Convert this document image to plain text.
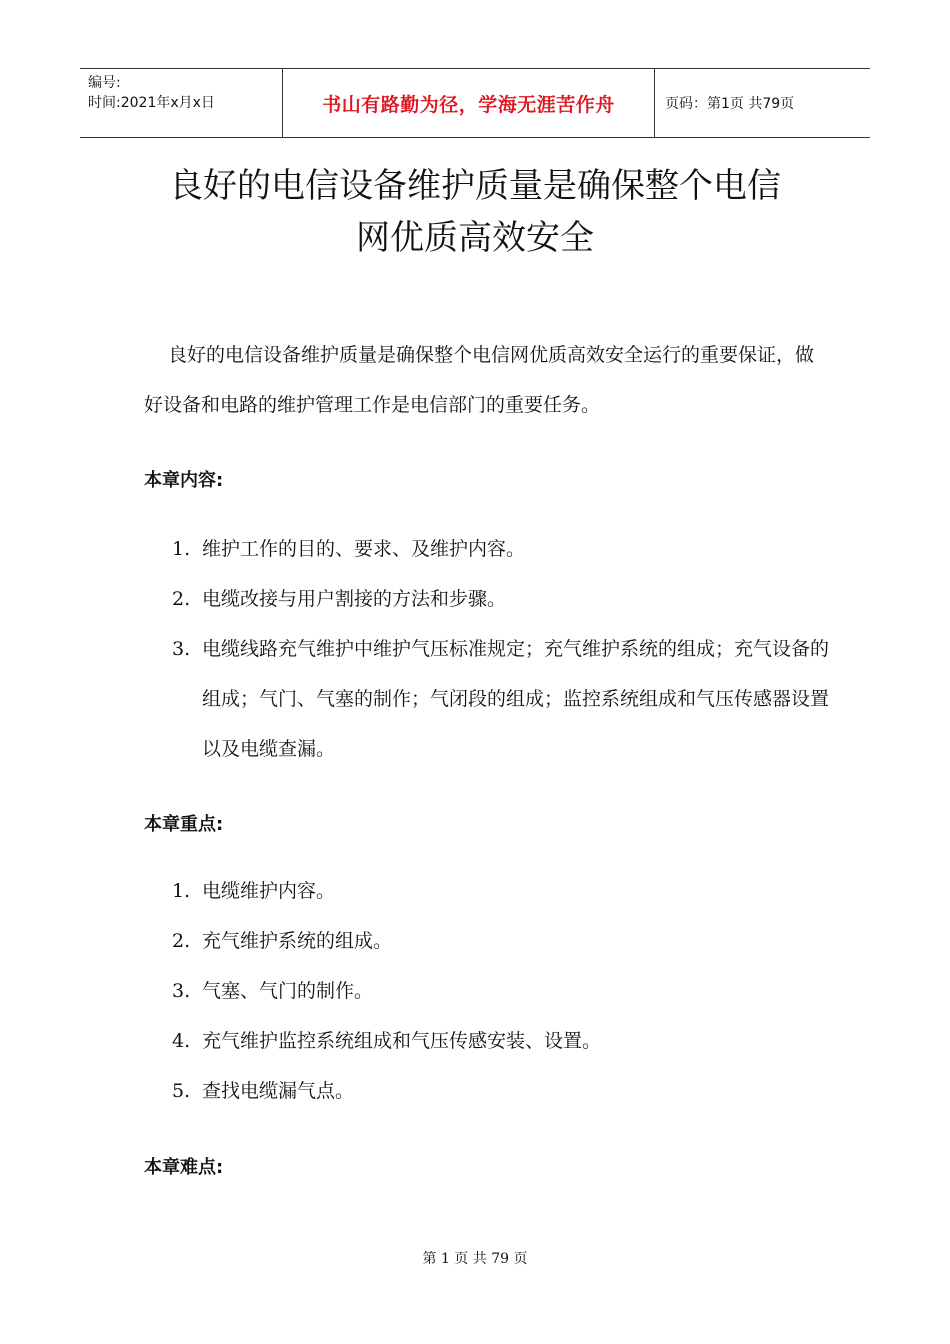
编号:
时间:2021年x月x日	书山有路勤为径，学海无涯苦作舟	页码：第1页 共79页
良好的电信设备维护质量是确保整个电信
网优质高效安全

良好的电信设备维护质量是确保整个电信网优质高效安全运行的重要保证，做好设备和电路的维护管理工作是电信部门的重要任务。

本章内容:
1. 维护工作的目的、要求、及维护内容。
2. 电缆改接与用户割接的方法和步骤。
3. 电缆线路充气维护中维护气压标准规定；充气维护系统的组成；充气设备的组成；气门、气塞的制作；气闭段的组成；监控系统组成和气压传感器设置以及电缆查漏。
本章重点:
1. 电缆维护内容。
2. 充气维护系统的组成。
3. 气塞、气门的制作。
4. 充气维护监控系统组成和气压传感安装、设置。
5. 查找电缆漏气点。
本章难点:
第 1 页 共 79 页
